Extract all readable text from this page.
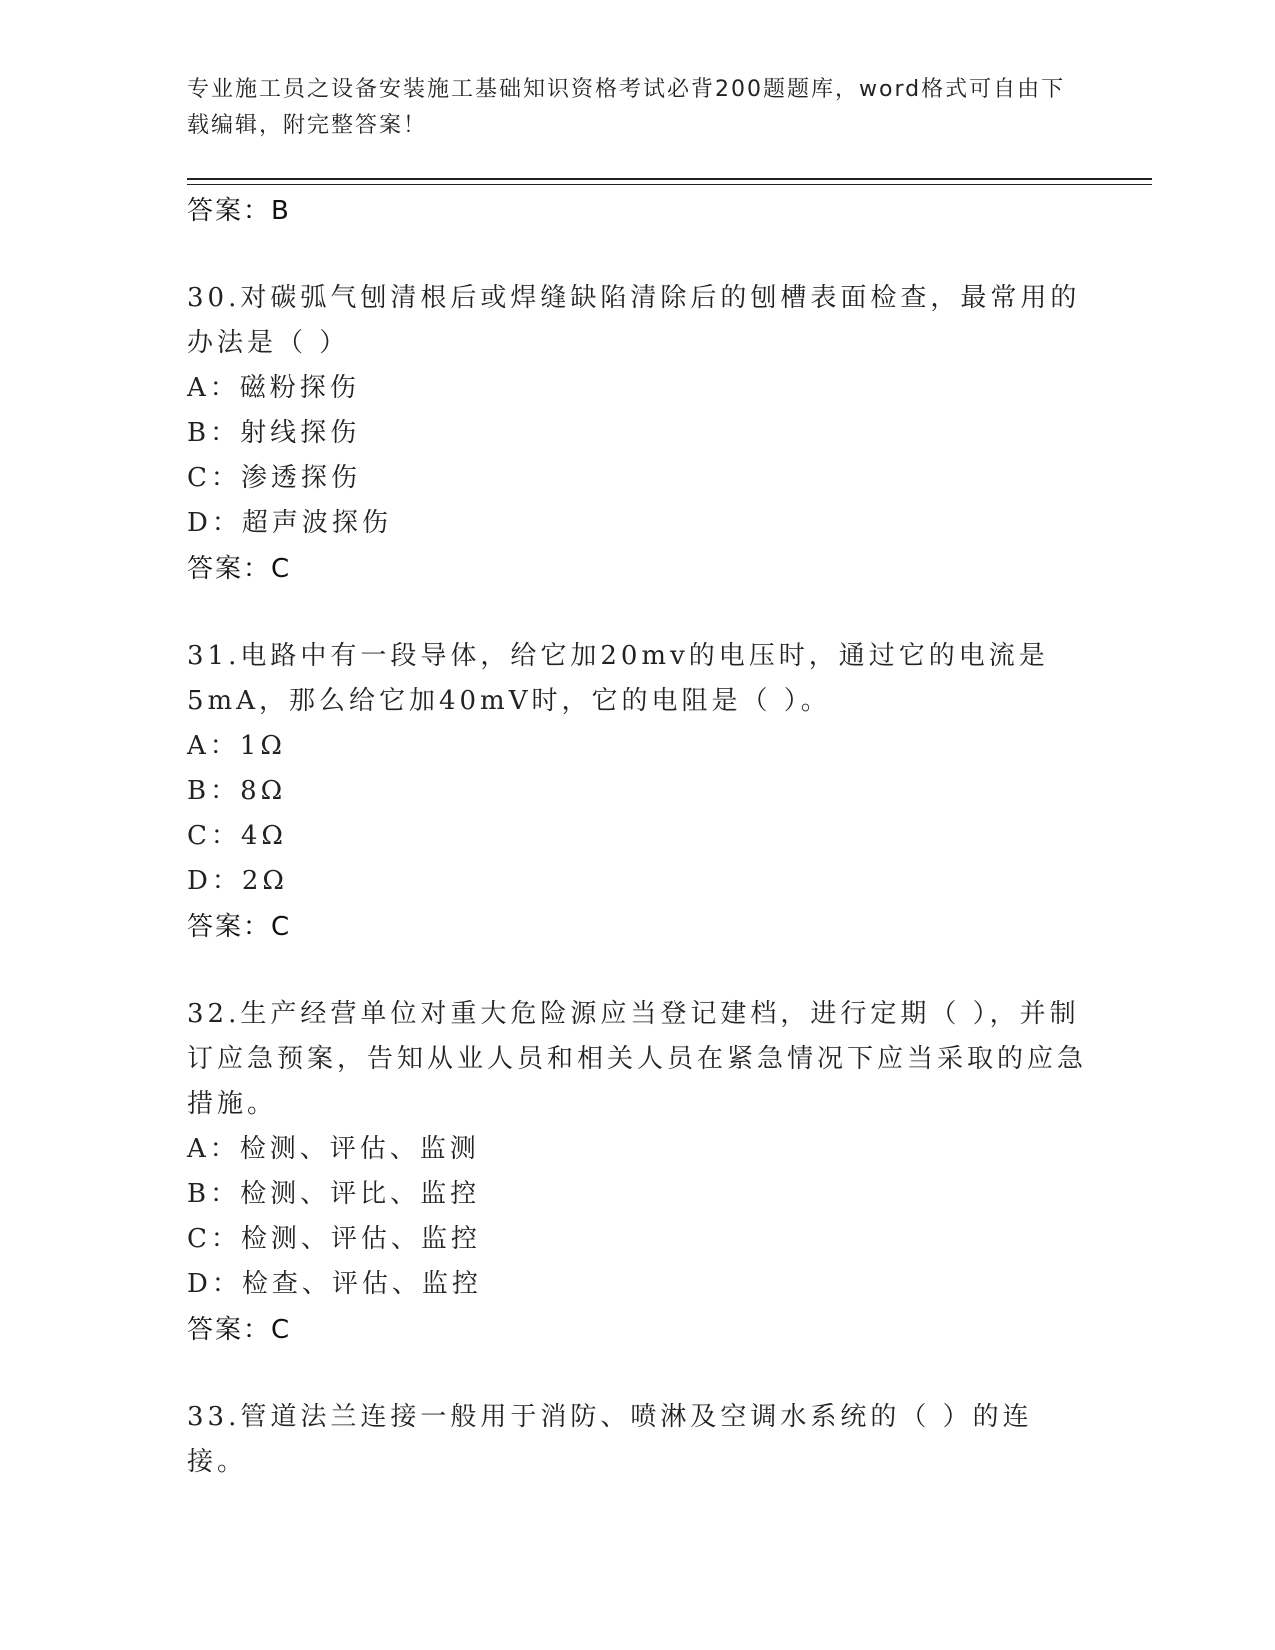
专业施工员之设备安装施工基础知识资格考试必背200题题库，word格式可自由下载编辑，附完整答案！
答案：B
30.对碳弧气刨清根后或焊缝缺陷清除后的刨槽表面检查，最常用的办法是（ ）
A：磁粉探伤
B：射线探伤
C：渗透探伤
D：超声波探伤
答案：C
31.电路中有一段导体，给它加20mv的电压时，通过它的电流是5mA，那么给它加40mV时，它的电阻是（ ）。
A：1Ω
B：8Ω
C：4Ω
D：2Ω
答案：C
32.生产经营单位对重大危险源应当登记建档，进行定期（ ），并制订应急预案，告知从业人员和相关人员在紧急情况下应当采取的应急措施。
A：检测、评估、监测
B：检测、评比、监控
C：检测、评估、监控
D：检查、评估、监控
答案：C
33.管道法兰连接一般用于消防、喷淋及空调水系统的（ ）的连接。
